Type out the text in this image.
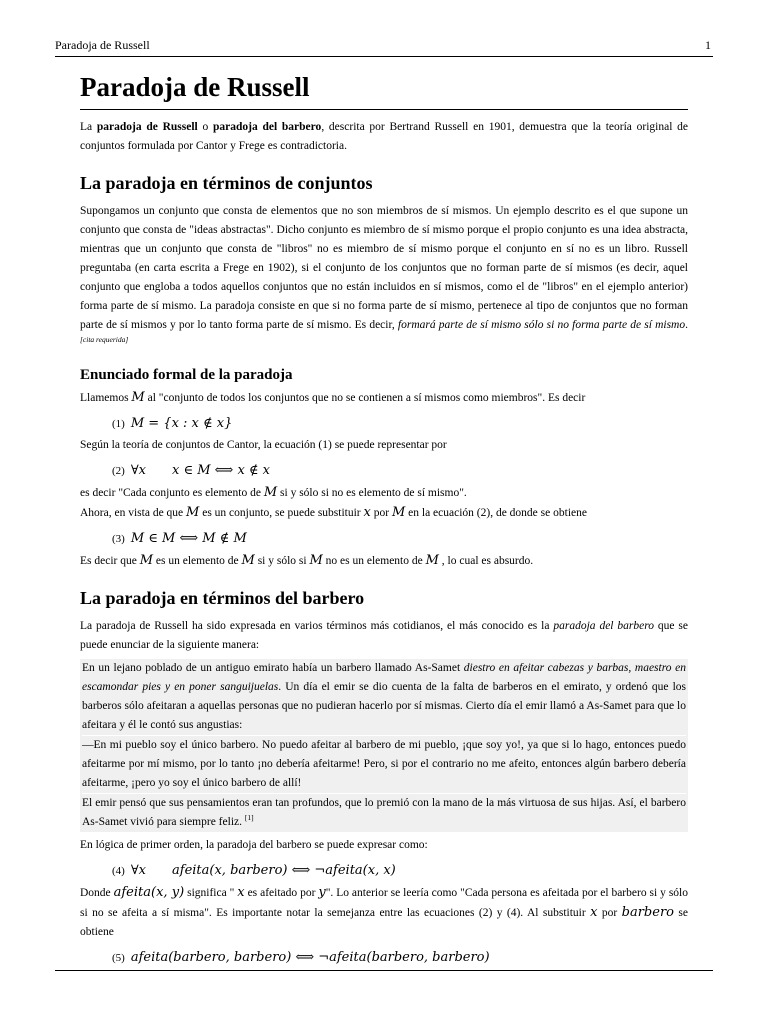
Paradoja de Russell	1
Paradoja de Russell

La paradoja de Russell o paradoja del barbero, descrita por Bertrand Russell en 1901, demuestra que la teoría original de conjuntos formulada por Cantor y Frege es contradictoria.

La paradoja en términos de conjuntos

Supongamos un conjunto que consta de elementos que no son miembros de sí mismos. Un ejemplo descrito es el que supone un conjunto que consta de "ideas abstractas". Dicho conjunto es miembro de sí mismo porque el propio conjunto es una idea abstracta, mientras que un conjunto que consta de "libros" no es miembro de sí mismo porque el conjunto en sí no es un libro. Russell preguntaba (en carta escrita a Frege en 1902), si el conjunto de los conjuntos que no forman parte de sí mismos (es decir, aquel conjunto que engloba a todos aquellos conjuntos que no están incluidos en sí mismos, como el de "libros" en el ejemplo anterior) forma parte de sí mismo. La paradoja consiste en que si no forma parte de sí mismo, pertenece al tipo de conjuntos que no forman parte de sí mismos y por lo tanto forma parte de sí mismo. Es decir, formará parte de sí mismo sólo si no forma parte de sí mismo.[cita requerida]

Enunciado formal de la paradoja

Llamemos M al "conjunto de todos los conjuntos que no se contienen a sí mismos como miembros". Es decir

(1) M = {x : x ∉ x}

Según la teoría de conjuntos de Cantor, la ecuación (1) se puede representar por

(2) ∀x x ∈ M ⟺ x ∉ x

es decir "Cada conjunto es elemento de M si y sólo si no es elemento de sí mismo".

Ahora, en vista de que M es un conjunto, se puede substituir x por M en la ecuación (2), de donde se obtiene

(3) M ∈ M ⟺ M ∉ M

Es decir que M es un elemento de M si y sólo si M no es un elemento de M , lo cual es absurdo.

La paradoja en términos del barbero

La paradoja de Russell ha sido expresada en varios términos más cotidianos, el más conocido es la paradoja del barbero que se puede enunciar de la siguiente manera:

En un lejano poblado de un antiguo emirato había un barbero llamado As-Samet diestro en afeitar cabezas y barbas, maestro en escamondar pies y en poner sanguijuelas. Un día el emir se dio cuenta de la falta de barberos en el emirato, y ordenó que los barberos sólo afeitaran a aquellas personas que no pudieran hacerlo por sí mismas. Cierto día el emir llamó a As-Samet para que lo afeitara y él le contó sus angustias:

—En mi pueblo soy el único barbero. No puedo afeitar al barbero de mi pueblo, ¡que soy yo!, ya que si lo hago, entonces puedo afeitarme por mí mismo, por lo tanto ¡no debería afeitarme! Pero, si por el contrario no me afeito, entonces algún barbero debería afeitarme, ¡pero yo soy el único barbero de allí!

El emir pensó que sus pensamientos eran tan profundos, que lo premió con la mano de la más virtuosa de sus hijas. Así, el barbero As-Samet vivió para siempre feliz. [1]

En lógica de primer orden, la paradoja del barbero se puede expresar como:

(4) ∀x afeita(x, barbero) ⟺ ¬afeita(x, x)

Donde afeita(x, y) significa " x es afeitado por y". Lo anterior se leería como "Cada persona es afeitada por el barbero si y sólo si no se afeita a sí misma". Es importante notar la semejanza entre las ecuaciones (2) y (4). Al substituir x por barbero se obtiene

(5) afeita(barbero, barbero) ⟺ ¬afeita(barbero, barbero)
